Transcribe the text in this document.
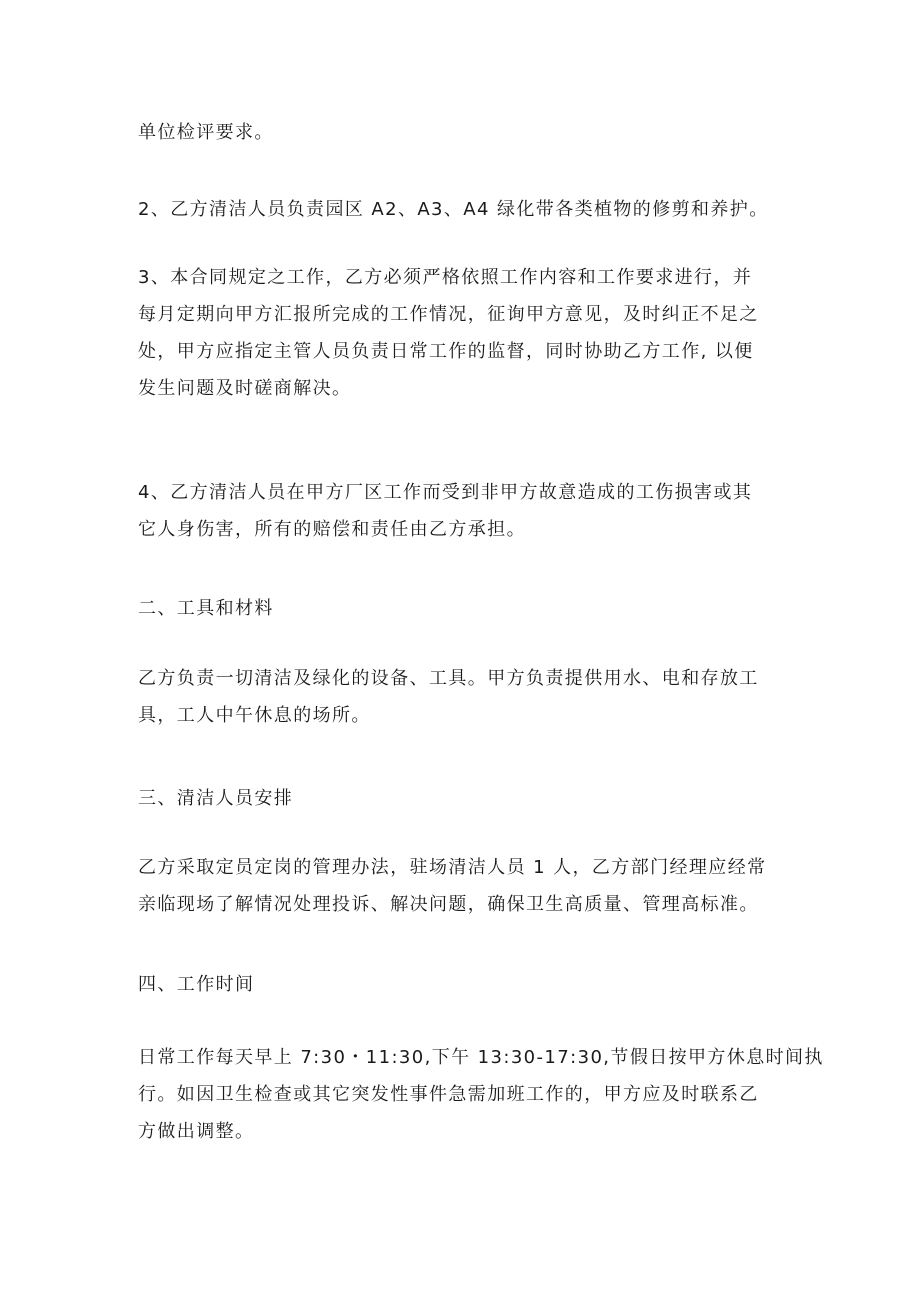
单位检评要求。
2、乙方清洁人员负责园区 A2、A3、A4 绿化带各类植物的修剪和养护。
3、本合同规定之工作，乙方必须严格依照工作内容和工作要求进行，并
每月定期向甲方汇报所完成的工作情况，征询甲方意见，及时纠正不足之
处，甲方应指定主管人员负责日常工作的监督，同时协助乙方工作, 以便
发生问题及时磋商解决。
4、乙方清洁人员在甲方厂区工作而受到非甲方故意造成的工伤损害或其
它人身伤害，所有的赔偿和责任由乙方承担。
二、工具和材料
乙方负责一切清洁及绿化的设备、工具。甲方负责提供用水、电和存放工
具，工人中午休息的场所。
三、清洁人员安排
乙方采取定员定岗的管理办法，驻场清洁人员 1 人，乙方部门经理应经常
亲临现场了解情况处理投诉、解决问题，确保卫生高质量、管理高标准。
四、工作时间
日常工作每天早上 7:30・11:30,下午 13:30-17:30,节假日按甲方休息时间执
行。如因卫生检查或其它突发性事件急需加班工作的，甲方应及时联系乙
方做出调整。
